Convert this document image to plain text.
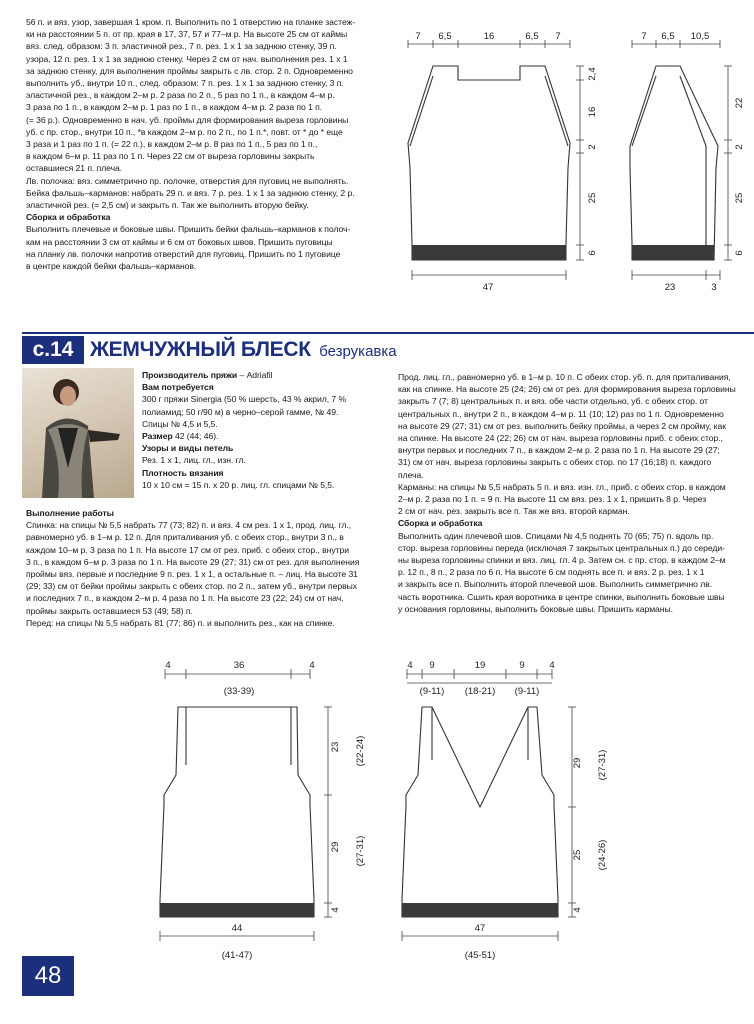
56 п. и вяз. узор, завершая 1 кром. п. Выполнить по 1 отверстию на планке застеж-
ки на расстоянии 5 п. от пр. края в 17, 37, 57 и 77–м р. На высоте 25 см от каймы
вяз. след. образом: 3 п. эластичной рез., 7 п. рез. 1 х 1 за заднюю стенку, 39 п.
узора, 12 п. рез. 1 х 1 за заднюю стенку. Через 2 см от нач. выполнения рез. 1 х 1
за заднюю стенку, для выполнения проймы закрыть с лв. стор. 2 п. Одновременно
выполнить уб., внутри 10 п., след. образом: 7 п. рез. 1 х 1 за заднюю стенку, 3 п.
эластичной рез., в каждом 2–м р. 2 раза по 2 п., 5 раз по 1 п., в каждом 4–м р.
3 раза по 1 п., в каждом 2–м р. 1 раз по 1 п., в каждом 4–м р. 2 раза по 1 п.
(= 36 р.). Одновременно в нач. уб. проймы для формирования выреза горловины
уб. с пр. стор., внутри 10 п., *в каждом 2–м р. по 2 п., по 1 п.*, повт. от * до * еще
3 раза и 1 раз по 1 п. (= 22 п.), в каждом 2–м р. 8 раз по 1 п., 5 раз по 1 п.,
в каждом 6–м р. 11 раз по 1 п. Через 22 см от выреза горловины закрыть
оставшиеся 21 п. плеча.
Лв. полочка: вяз. симметрично пр. полочке, отверстия для пуговиц не выполнять.
Бейка фальшь–карманов: набрать 29 п. и вяз. 7 р. рез. 1 х 1 за заднюю стенку, 2 р.
эластичной рез. (= 2,5 см) и закрыть п. Так же выполнить вторую бейку.

Сборка и обработка

Выполнить плечевые и боковые швы. Пришить бейки фальшь–карманов к полоч-
кам на расстоянии 3 см от каймы и 6 см от боковых швов. Пришить пуговицы
на планку лв. полочки напротив отверстий для пуговиц. Пришить по 1 пуговице
в центре каждой бейки фальшь–карманов.

7 6,5	16	6,5 7
47
2,4
16
2
25
6
7 6,5 10,5
23	3
22
2
25
6
с.14 ЖЕМЧУЖНЫЙ БЛЕСК безрукавка

Производитель пряжи – Adriafil

Вам потребуется

300 г пряжи Sinergia (50 % шерсть, 43 % акрил, 7 %
полиамид; 50 г/90 м) в черно–серой гамме, № 49.
Спицы № 4,5 и 5,5.

Размер 42 (44; 46).

Узоры и виды петель

Рез. 1 х 1, лиц. гл., изн. гл.

Плотность вязания

10 х 10 см = 15 п. х 20 р. лиц. гл. спицами № 5,5.

Выполнение работы

Спинка: на спицы № 5,5 набрать 77 (73; 82) п. и вяз. 4 см рез. 1 х 1, прод. лиц. гл.,
равномерно уб. в 1–м р. 12 п. Для приталивания уб. с обеих стор., внутри 3 п., в
каждом 10–м р. 3 раза по 1 п. На высоте 17 см от рез. приб. с обеих стор., внутри
3 п., в каждом 6–м р. 3 раза по 1 п. На высоте 29 (27; 31) см от рез. для выполнения
проймы вяз. первые и последние 9 п. рез. 1 х 1, а остальные п. – лиц. На высоте 31
(29; 33) см от бейки проймы закрыть с обеих стор. по 2 п., затем уб., внутри первых
и последних 7 п., в каждом 2–м р. 4 раза по 1 п. На высоте 23 (22; 24) см от нач.
проймы закрыть оставшиеся 53 (49; 58) п.
Перед: на спицы № 5,5 набрать 81 (77; 86) п. и выполнить рез., как на спинке.

Прод. лиц. гл., равномерно уб. в 1–м р. 10 п. С обеих стор. уб. п. для приталивания,
как на спинке. На высоте 25 (24; 26) см от рез. для формирования выреза горловины
закрыть 7 (7; 8) центральных п. и вяз. обе части отдельно, уб. с обеих стор. от
центральных п., внутри 2 п., в каждом 4–м р. 11 (10; 12) раз по 1 п. Одновременно
на высоте 29 (27; 31) см от рез. выполнить бейку проймы, а через 2 см пройму, как
на спинке. На высоте 24 (22; 26) см от нач. выреза горловины приб. с обеих стор.,
внутри первых и последних 7 п., в каждом 2–м р. 2 раза по 1 п. На высоте 29 (27;
31) см от нач. выреза горловины закрыть с обеих стор. по 17 (16;18) п. каждого
плеча.
Карманы: на спицы № 5,5 набрать 5 п. и вяз. изн. гл., приб. с обеих стор. в каждом
2–м р. 2 раза по 1 п. = 9 п. На высоте 11 см вяз. рез. 1 х 1, пришить 8 р. Через
2 см от нач. рез. закрыть все п. Так же вяз. второй карман.

Сборка и обработка

Выполнить один плечевой шов. Спицами № 4,5 поднять 70 (65; 75) п. вдоль пр.
стор. выреза горловины переда (исключая 7 закрытых центральных п.) до середи-
ны выреза горловины спинки и вяз. лиц. гл. 4 р. Затем сн. с пр. стор. в каждом 2–м
р. 12 п., 8 п., 2 раза по 6 п. На высоте 6 см поднять все п. и вяз. 2 р. рез. 1 х 1
и закрыть все п. Выполнить второй плечевой шов. Выполнить симметрично лв.
часть воротника. Сшить края воротника в центре спинки, выполнить боковые швы
у основания горловины, выполнить боковые швы. Пришить карманы.

4	36	4
(33-39)
44
(41-47)
23
29
4
(22-24)
(27-31)
4 9	19	9	4
(9-11) (18-21) (9-11)
47
(45-51)
29
25
4
(27-31)
(24-26)
48
